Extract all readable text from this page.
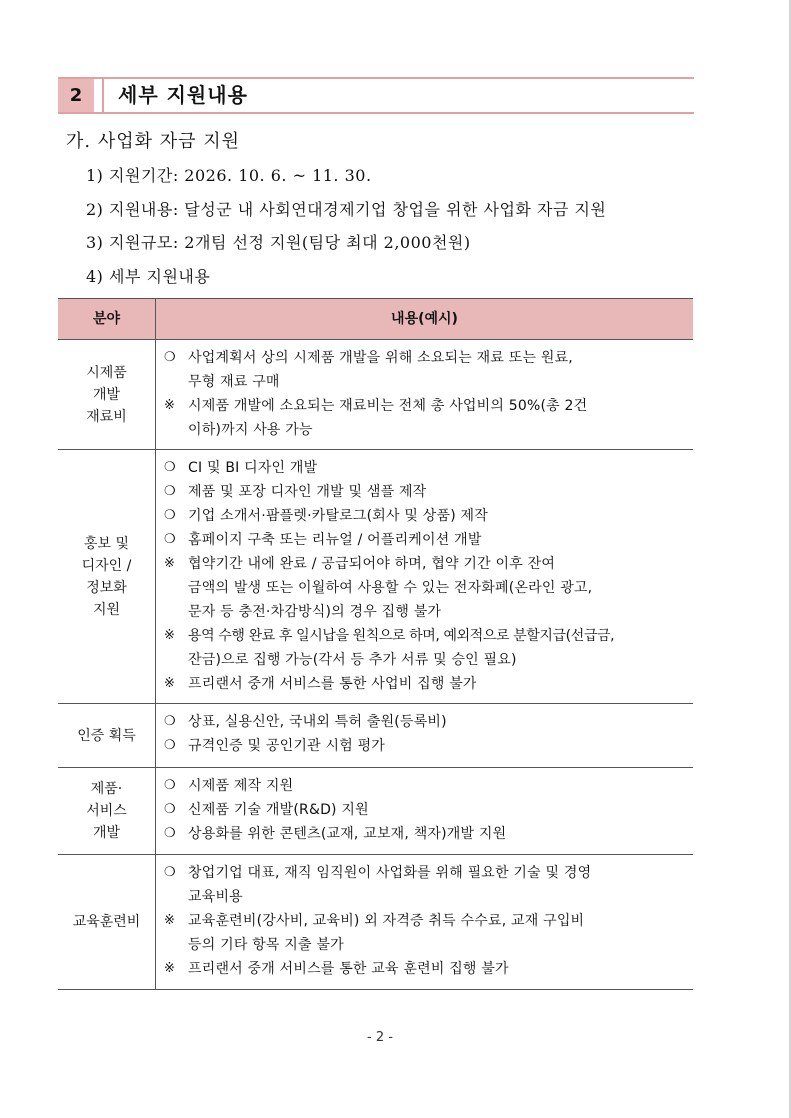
2	세부 지원내용
가. 사업화 자금 지원
1) 지원기간: 2026. 10. 6. ~ 11. 30.
2) 지원내용: 달성군 내 사회연대경제기업 창업을 위한 사업화 자금 지원
3) 지원규모: 2개팀 선정 지원(팀당 최대 2,000천원)
4) 세부 지원내용
분야	내용(예시)
시제품
개발
재료비
❍ 사업계획서 상의 시제품 개발을 위해 소요되는 재료 또는 원료,
무형 재료 구매
※ 시제품 개발에 소요되는 재료비는 전체 총 사업비의 50%(총 2건
이하)까지 사용 가능
홍보 및
디자인 /
정보화
지원
❍ CI 및 BI 디자인 개발
❍ 제품 및 포장 디자인 개발 및 샘플 제작
❍ 기업 소개서·팜플렛·카탈로그(회사 및 상품) 제작
❍ 홈페이지 구축 또는 리뉴얼 / 어플리케이션 개발
※ 협약기간 내에 완료 / 공급되어야 하며, 협약 기간 이후 잔여
금액의 발생 또는 이월하여 사용할 수 있는 전자화폐(온라인 광고,
문자 등 충전·차감방식)의 경우 집행 불가
※ 용역 수행 완료 후 일시납을 원칙으로 하며, 예외적으로 분할지급(선급금,
잔금)으로 집행 가능(각서 등 추가 서류 및 승인 필요)
※ 프리랜서 중개 서비스를 통한 사업비 집행 불가
인증 획득
❍ 상표, 실용신안, 국내외 특허 출원(등록비)
❍ 규격인증 및 공인기관 시험 평가
제품·
서비스
개발
❍ 시제품 제작 지원
❍ 신제품 기술 개발(R&D) 지원
❍ 상용화를 위한 콘텐츠(교재, 교보재, 책자)개발 지원
교육훈련비
❍ 창업기업 대표, 재직 임직원이 사업화를 위해 필요한 기술 및 경영
교육비용
※ 교육훈련비(강사비, 교육비) 외 자격증 취득 수수료, 교재 구입비
등의 기타 항목 지출 불가
※ 프리랜서 중개 서비스를 통한 교육 훈련비 집행 불가
- 2 -
